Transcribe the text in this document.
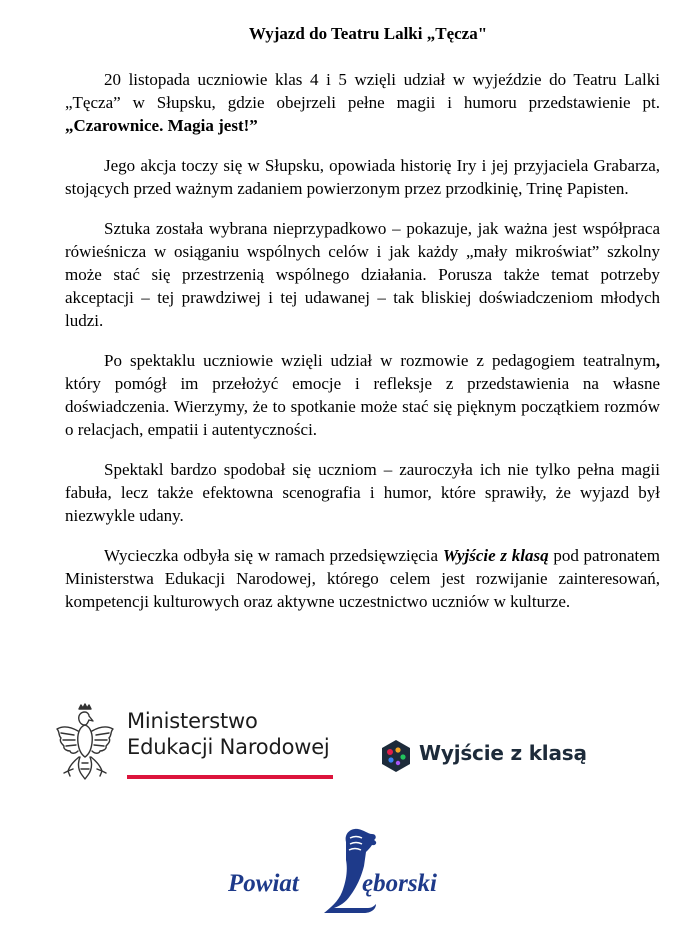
Wyjazd do Teatru Lalki „Tęcza"

20 listopada uczniowie klas 4 i 5 wzięli udział w wyjeździe do Teatru Lalki „Tęcza” w Słupsku, gdzie obejrzeli pełne magii i humoru przedstawienie pt. „Czarownice. Magia jest!”

Jego akcja toczy się w Słupsku, opowiada historię Iry i jej przyjaciela Grabarza, stojących przed ważnym zadaniem powierzonym przez przodkinię, Trinę Papisten.

Sztuka została wybrana nieprzypadkowo – pokazuje, jak ważna jest współpraca rówieśnicza w osiąganiu wspólnych celów i jak każdy „mały mikroświat” szkolny może stać się przestrzenią wspólnego działania. Porusza także temat potrzeby akceptacji – tej prawdziwej i tej udawanej – tak bliskiej doświadczeniom młodych ludzi.

Po spektaklu uczniowie wzięli udział w rozmowie z pedagogiem teatralnym, który pomógł im przełożyć emocje i refleksje z przedstawienia na własne doświadczenia. Wierzymy, że to spotkanie może stać się pięknym początkiem rozmów o relacjach, empatii i autentyczności.

Spektakl bardzo spodobał się uczniom – zauroczyła ich nie tylko pełna magii fabuła, lecz także efektowna scenografia i humor, które sprawiły, że wyjazd był niezwykle udany.

Wycieczka odbyła się w ramach przedsięwzięcia Wyjście z klasą pod patronatem Ministerstwa Edukacji Narodowej, którego celem jest rozwijanie zainteresowań, kompetencji kulturowych oraz aktywne uczestnictwo uczniów w kulturze.

Ministerstwo
Edukacji Narodowej	Wyjście z klasą
Powiat	ęborski
